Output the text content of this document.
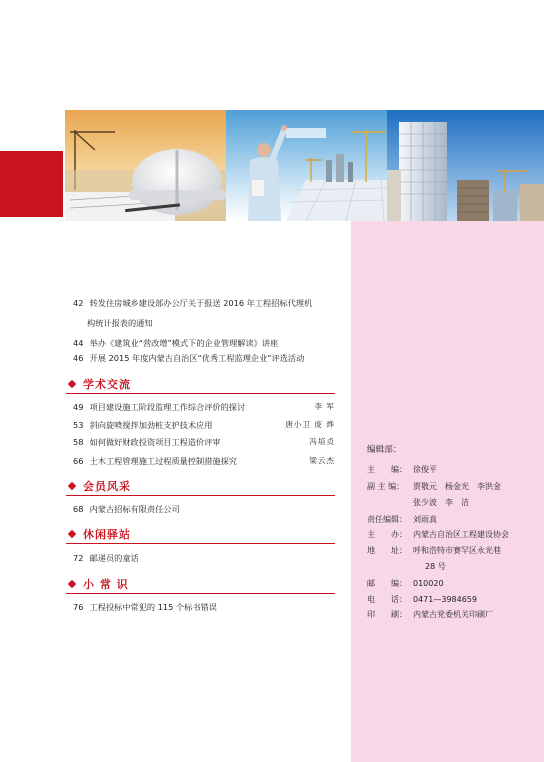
42 转发住房城乡建设部办公厅关于报送 2016 年工程招标代理机
构统计报表的通知
44 举办《建筑业“营改增”模式下的企业管理解读》讲座
46 开展 2015 年度内蒙古自治区“优秀工程监理企业”评选活动
学术交流
49 项目建设施工阶段监理工作综合评价的探讨	李 军
53 斜向旋喷搅拌加劲桩支护技术应用	唐小卫 庞 烨
58 如何做好财政投资项目工程造价评审	冯培贞
66 土木工程管理施工过程质量控制措施探究	梁云杰
会员风采
68 内蒙古招标有限责任公司
休闲驿站
72 邮递员的童话
小 常 识
76 工程投标中常犯的 115 个标书错误
编辑部：
主　　编： 徐俊平
副 主 编： 贾敬元　杨金光　李洪金
张少波　李　洁
责任编辑： 刘雨真
主　　办： 内蒙古自治区工程建设协会
地　　址： 呼和浩特市赛罕区永光巷
28 号
邮　　编： 010020
电　　话： 0471—3984659
印　　刷： 内蒙古党委机关印刷厂
